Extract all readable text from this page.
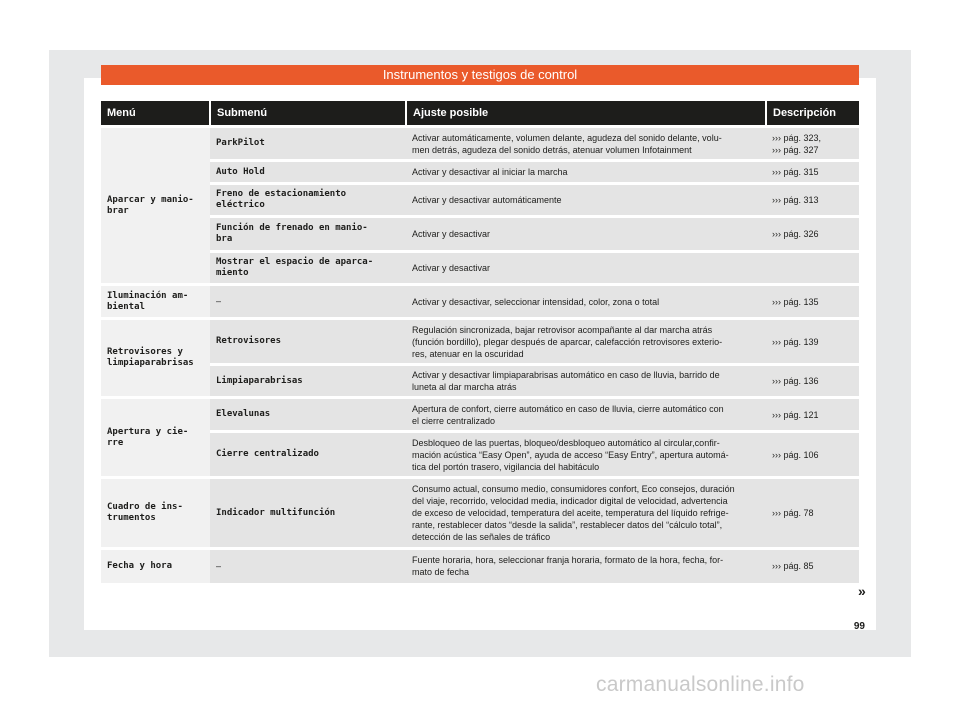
Instrumentos y testigos de control
Menú	Submenú	Ajuste posible	Descripción

Aparcar y manio-
brar	ParkPilot	Activar automáticamente, volumen delante, agudeza del sonido delante, volu-
men detrás, agudeza del sonido detrás, atenuar volumen Infotainment	››› pág. 323,
››› pág. 327

	Auto Hold	Activar y desactivar al iniciar la marcha	››› pág. 315

	Freno de estacionamiento
eléctrico	Activar y desactivar automáticamente	››› pág. 313

	Función de frenado en manio-
bra	Activar y desactivar	››› pág. 326

	Mostrar el espacio de aparca-
miento	Activar y desactivar	

Iluminación am-
biental	–	Activar y desactivar, seleccionar intensidad, color, zona o total	››› pág. 135

Retrovisores y
limpiaparabrisas	Retrovisores	Regulación sincronizada, bajar retrovisor acompañante al dar marcha atrás
(función bordillo), plegar después de aparcar, calefacción retrovisores exterio-
res, atenuar en la oscuridad	››› pág. 139

	Limpiaparabrisas	Activar y desactivar limpiaparabrisas automático en caso de lluvia, barrido de
luneta al dar marcha atrás	››› pág. 136

Apertura y cie-
rre	Elevalunas	Apertura de confort, cierre automático en caso de lluvia, cierre automático con
el cierre centralizado	››› pág. 121

	Cierre centralizado	Desbloqueo de las puertas, bloqueo/desbloqueo automático al circular,confir-
mación acústica “Easy Open”, ayuda de acceso “Easy Entry”, apertura automá-
tica del portón trasero, vigilancia del habitáculo	››› pág. 106

Cuadro de ins-
trumentos	Indicador multifunción	Consumo actual, consumo medio, consumidores confort, Eco consejos, duración
del viaje, recorrido, velocidad media, indicador digital de velocidad, advertencia
de exceso de velocidad, temperatura del aceite, temperatura del líquido refrige-
rante, restablecer datos “desde la salida”, restablecer datos del “cálculo total”,
detección de las señales de tráfico	››› pág. 78

Fecha y hora	–	Fuente horaria, hora, seleccionar franja horaria, formato de la hora, fecha, for-
mato de fecha	››› pág. 85
»
99
carmanualsonline.info
